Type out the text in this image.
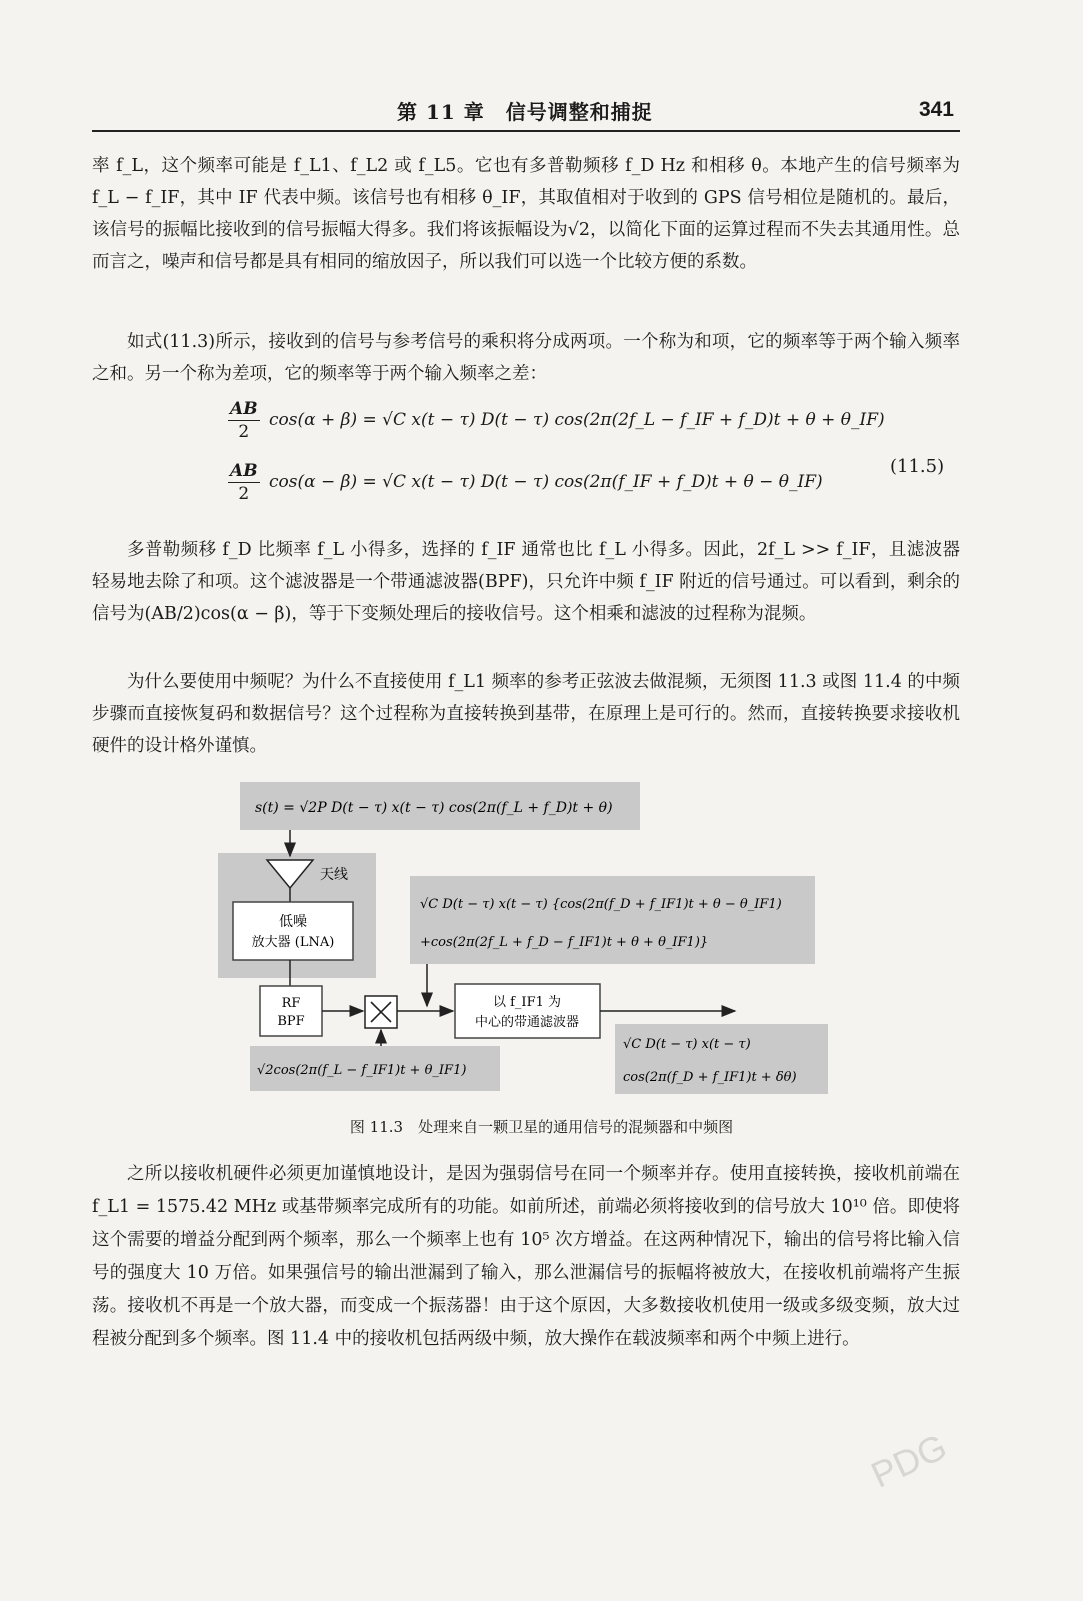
第 11 章　信号调整和捕捉	341

率 f_L，这个频率可能是 f_L1、f_L2 或 f_L5。它也有多普勒频移 f_D Hz 和相移 θ。本地产生的信号频率为 f_L − f_IF，其中 IF 代表中频。该信号也有相移 θ_IF，其取值相对于收到的 GPS 信号相位是随机的。最后，该信号的振幅比接收到的信号振幅大得多。我们将该振幅设为√2，以简化下面的运算过程而不失去其通用性。总而言之，噪声和信号都是具有相同的缩放因子，所以我们可以选一个比较方便的系数。

如式(11.3)所示，接收到的信号与参考信号的乘积将分成两项。一个称为和项，它的频率等于两个输入频率之和。另一个称为差项，它的频率等于两个输入频率之差：

$\frac{AB}{2} \cos(\alpha + \beta) = √C$ x(t − τ) D(t − τ) cos(2π(2f_L − f_IF + f_D)t + θ + θ_IF)
$\frac{AB}{2} \cos(\alpha - \beta) = √C$ x(t − τ) D(t − τ) cos(2π(f_IF + f_D)t + θ − θ_IF)
(11.5)

多普勒频移 f_D 比频率 f_L 小得多，选择的 f_IF 通常也比 f_L 小得多。因此，2f_L >> f_IF，且滤波器轻易地去除了和项。这个滤波器是一个带通滤波器(BPF)，只允许中频 f_IF 附近的信号通过。可以看到，剩余的信号为(AB/2)cos(α − β)，等于下变频处理后的接收信号。这个相乘和滤波的过程称为混频。

为什么要使用中频呢？为什么不直接使用 f_L1 频率的参考正弦波去做混频，无须图 11.3 或图 11.4 的中频步骤而直接恢复码和数据信号？这个过程称为直接转换到基带，在原理上是可行的。然而，直接转换要求接收机硬件的设计格外谨慎。

s(t) = √2P D(t − τ) x(t − τ) cos(2π(f_L + f_D)t + θ)
天线
低噪
放大器 (LNA)
√C D(t − τ) x(t − τ) {cos(2π(f_D + f_IF1)t + θ − θ_IF1)
+cos(2π(2f_L + f_D − f_IF1)t + θ + θ_IF1)}
RF
BPF
以 f_IF1 为
中心的带通滤波器
√2cos(2π(f_L − f_IF1)t + θ_IF1)
√C D(t − τ) x(t − τ)
cos(2π(f_D + f_IF1)t + δθ)
图 11.3　处理来自一颗卫星的通用信号的混频器和中频图

之所以接收机硬件必须更加谨慎地设计，是因为强弱信号在同一个频率并存。使用直接转换，接收机前端在 f_L1 = 1575.42 MHz 或基带频率完成所有的功能。如前所述，前端必须将接收到的信号放大 10¹⁰ 倍。即使将这个需要的增益分配到两个频率，那么一个频率上也有 10⁵ 次方增益。在这两种情况下，输出的信号将比输入信号的强度大 10 万倍。如果强信号的输出泄漏到了输入，那么泄漏信号的振幅将被放大，在接收机前端将产生振荡。接收机不再是一个放大器，而变成一个振荡器！由于这个原因，大多数接收机使用一级或多级变频，放大过程被分配到多个频率。图 11.4 中的接收机包括两级中频，放大操作在载波频率和两个中频上进行。

PDG
